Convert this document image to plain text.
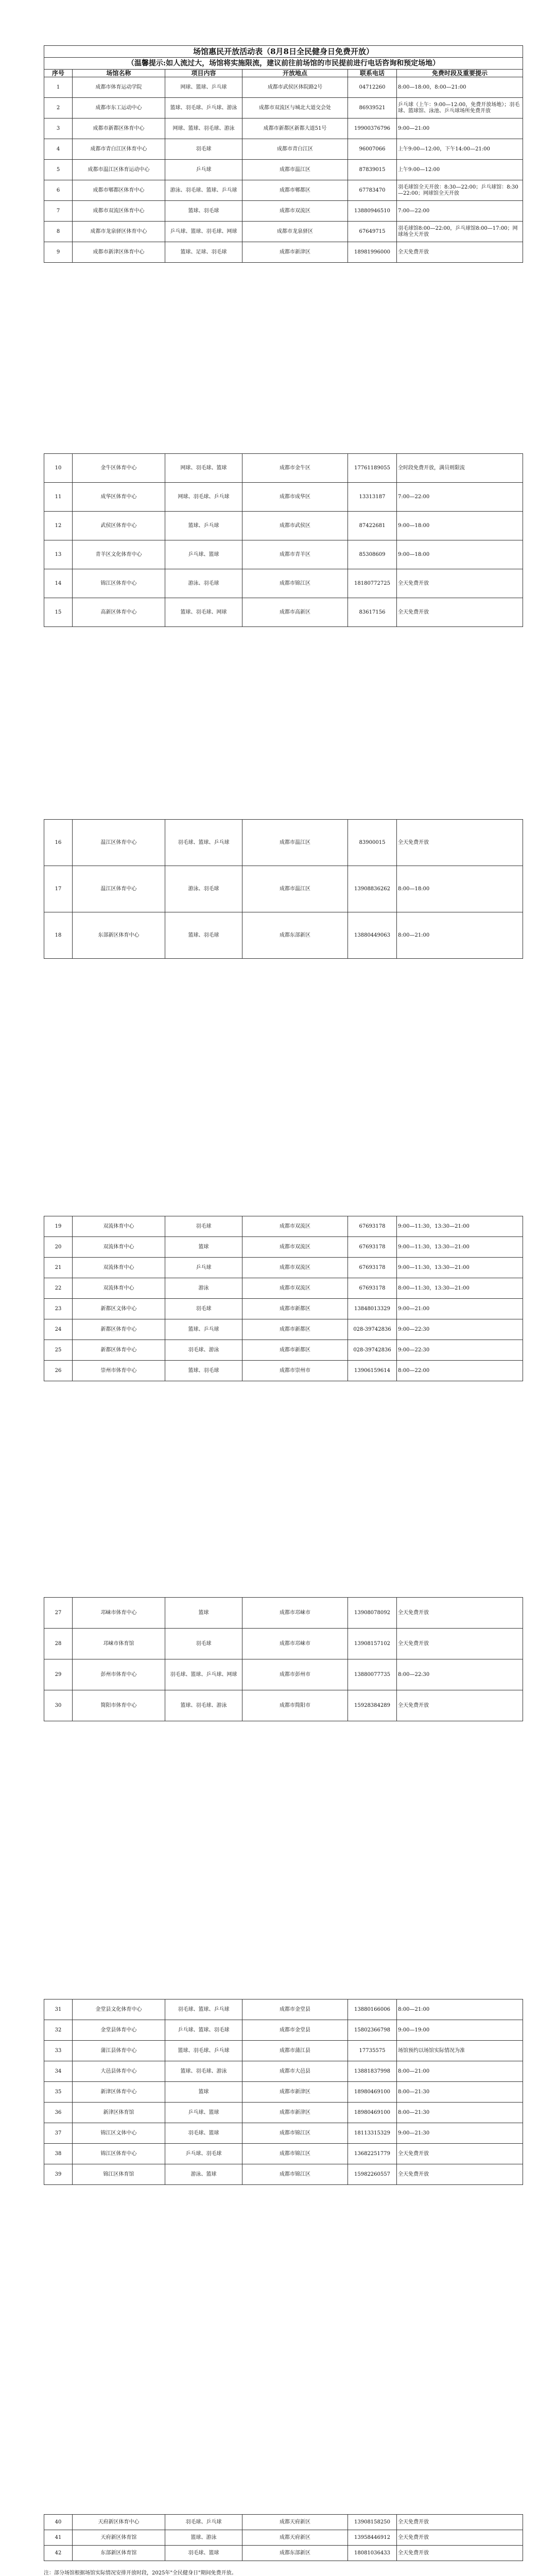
场馆惠民开放活动表（8月8日全民健身日免费开放）					
（温馨提示:如人流过大，场馆将实施限流，建议前往前场馆的市民提前进行电话咨询和预定场地）					
序号	场馆名称	项目内容	开放地点	联系电话	免费时段及重要提示
1	成都市体育运动学院	网球、篮球、乒乓球	成都市武侯区体院路2号	04712260	8:00—18:00，8:00—21:00
2	成都市东工运动中心	篮球、羽毛球、乒乓球、游泳	成都市双流区与城北大道交会处	86939521	乒乓球（上午：9:00—12:00，免费开放场地）；羽毛球、篮球馆、泳池、乒乓球场所免费开放
3	成都市新都区体育中心	网球、篮球、羽毛球、游泳	成都市新都区新都大道51号	19900376796	9:00—21:00
4	成都市青白江区体育中心	羽毛球	成都市青白江区	96007066	上午9:00—12:00，下午14:00—21:00
5	成都市温江区体育运动中心	乒乓球	成都市温江区	87839015	上午9:00—12:00
6	成都市郫都区体育中心	游泳、羽毛球、篮球、乒乓球	成都市郫都区	67783470	羽毛球馆全天开放：8:30—22:00；乒乓球馆：8:30—22:00；网球馆全天开放
7	成都市双流区体育中心	篮球、羽毛球	成都市双流区	13880946510	7:00—22:00
8	成都市龙泉驿区体育中心	乒乓球、篮球、羽毛球、网球	成都市龙泉驿区	67649715	羽毛球馆8:00—22:00，乒乓球馆8:00—17:00；网球场全天开放
9	成都市新津区体育中心	篮球、足球、羽毛球	成都市新津区	18981996000	全天免费开放
10	金牛区体育中心	网球、羽毛球、篮球	成都市金牛区	17761189055	全时段免费开放，满员则限流
11	成华区体育中心	网球、羽毛球、乒乓球	成都市成华区	13313187	7:00—22:00
12	武侯区体育中心	篮球、乒乓球	成都市武侯区	87422681	9:00—18:00
13	青羊区文化体育中心	乒乓球、篮球	成都市青羊区	85308609	9:00—18:00
14	锦江区体育中心	游泳、羽毛球	成都市锦江区	18180772725	全天免费开放
15	高新区体育中心	篮球、羽毛球、网球	成都市高新区	83617156	全天免费开放
16	温江区体育中心	羽毛球、篮球、乒乓球	成都市温江区	83900015	全天免费开放
17	温江区体育中心	游泳、羽毛球	成都市温江区	13908836262	8:00—18:00
18	东部新区体育中心	篮球、羽毛球	成都东部新区	13880449063	8:00—21:00
19	双流体育中心	羽毛球	成都市双流区	67693178	9:00—11:30，13:30—21:00
20	双流体育中心	篮球	成都市双流区	67693178	9:00—11:30，13:30—21:00
21	双流体育中心	乒乓球	成都市双流区	67693178	9:00—11:30，13:30—21:00
22	双流体育中心	游泳	成都市双流区	67693178	8:00—11:30，13:30—21:00
23	新都区文体中心	羽毛球	成都市新都区	13848013329	9:00—21:00
24	新都区体育中心	篮球、乒乓球	成都市新都区	028-39742836	9:00—22:30
25	新都区体育中心	羽毛球、游泳	成都市新都区	028-39742836	9:00—22:30
26	崇州市体育中心	篮球、羽毛球	成都市崇州市	13906159614	8:00—22:00
27	邛崃市体育中心	篮球	成都市邛崃市	13908078092	全天免费开放
28	邛崃市体育馆	羽毛球	成都市邛崃市	13908157102	全天免费开放
29	彭州市体育中心	羽毛球、篮球、乒乓球、网球	成都市彭州市	13880077735	8:00—22:30
30	简阳市体育中心	篮球、羽毛球、游泳	成都市简阳市	15928384289	全天免费开放
31	金堂县文化体育中心	羽毛球、篮球、乒乓球	成都市金堂县	13880166006	8:00—21:00
32	金堂县体育中心	乒乓球、篮球、羽毛球	成都市金堂县	15802366798	9:00—19:00
33	蒲江县体育中心	篮球、羽毛球、乒乓球	成都市蒲江县	17735575	场馆预约以场馆实际情况为准
34	大邑县体育中心	篮球、羽毛球、游泳	成都市大邑县	13881837998	8:00—21:00
35	新津区体育中心	篮球	成都市新津区	18980469100	8:00—21:30
36	新津区体育馆	乒乓球、篮球	成都市新津区	18980469100	8:00—21:30
37	锦江区文体中心	羽毛球、篮球	成都市锦江区	18113315329	9:00—21:30
38	锦江区体育中心	乒乓球、羽毛球	成都市锦江区	13682251779	全天免费开放
39	锦江区体育馆	游泳、篮球	成都市锦江区	15982260557	全天免费开放
40	天府新区体育中心	羽毛球、乒乓球	成都天府新区	13908158250	全天免费开放
41	天府新区体育馆	篮球、游泳	成都天府新区	13958446912	全天免费开放
42	东部新区体育馆	羽毛球、篮球	成都东部新区	18081036433	全天免费开放
注：部分场馆根据场馆实际情况安排开放时段，2025年"全民健身日"期间免费开放。
